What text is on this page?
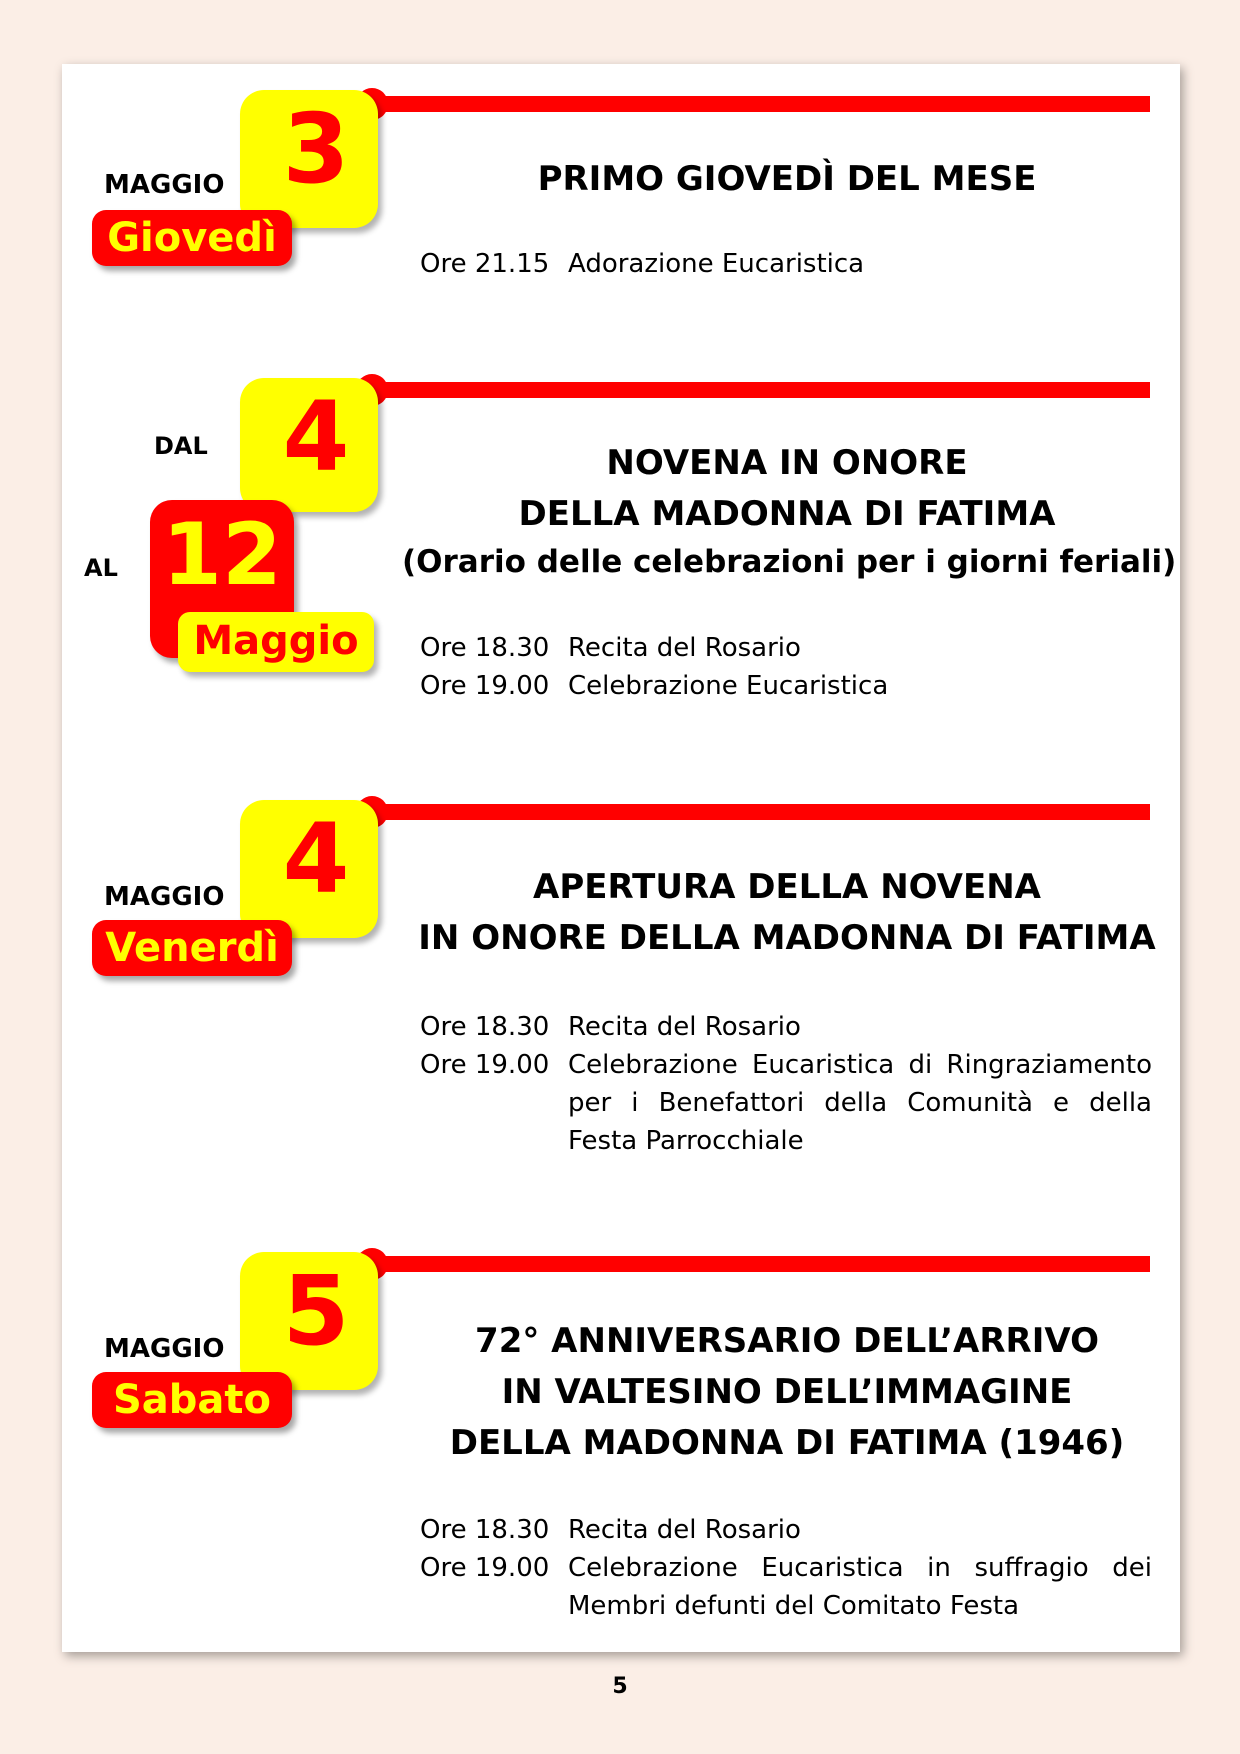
3
MAGGIO
Giovedì
PRIMO GIOVEDÌ DEL MESE
Ore 21.15 Adorazione Eucaristica
4
DAL
AL 12
Maggio
NOVENA IN ONORE
DELLA MADONNA DI FATIMA
(Orario delle celebrazioni per i giorni feriali)
Ore 18.30 Recita del Rosario
Ore 19.00 Celebrazione Eucaristica
4
MAGGIO
Venerdì
APERTURA DELLA NOVENA
IN ONORE DELLA MADONNA DI FATIMA
Ore 18.30 Recita del Rosario
Ore 19.00 Celebrazione Eucaristica di Ringraziamento per i Benefattori della Comunità e della Festa Parrocchiale
5
MAGGIO
Sabato
72° ANNIVERSARIO DELL’ARRIVO
IN VALTESINO DELL’IMMAGINE
DELLA MADONNA DI FATIMA (1946)
Ore 18.30 Recita del Rosario
Ore 19.00 Celebrazione Eucaristica in suffragio dei Membri defunti del Comitato Festa
5
